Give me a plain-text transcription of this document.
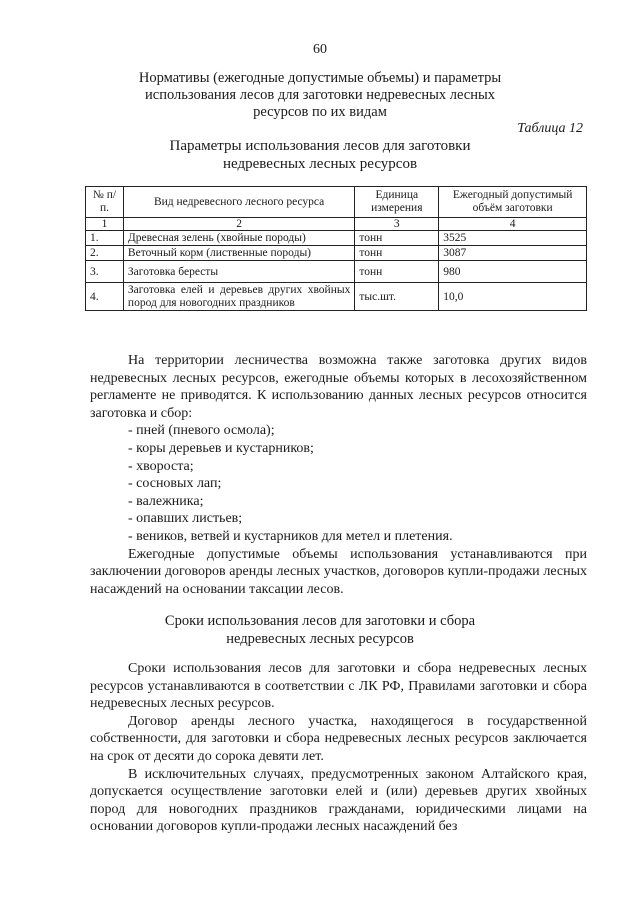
60
Нормативы (ежегодные допустимые объемы) и параметры использования лесов для заготовки недревесных лесных ресурсов по их видам
Таблица 12
Параметры использования лесов для заготовки недревесных лесных ресурсов
№ п/п.	Вид недревесного лесного ресурса	Единица измерения	Ежегодный допустимый объём заготовки
1	2	3	4
1.	Древесная зелень (хвойные породы)	тонн	3525
2.	Веточный корм (лиственные породы)	тонн	3087
3.	Заготовка бересты	тонн	980
4.	Заготовка елей и деревьев других хвойных пород для новогодних праздников	тыс.шт.	10,0

На территории лесничества возможна также заготовка других видов недревесных лесных ресурсов, ежегодные объемы которых в лесохозяйственном регламенте не приводятся. К использованию данных лесных ресурсов относится заготовка и сбор:

- пней (пневого осмола);

- коры деревьев и кустарников;

- хвороста;

- сосновых лап;

- валежника;

- опавших листьев;

- веников, ветвей и кустарников для метел и плетения.

Ежегодные допустимые объемы использования устанавливаются при заключении договоров аренды лесных участков, договоров купли-продажи лесных насаждений на основании таксации лесов.

Сроки использования лесов для заготовки и сбора недревесных лесных ресурсов

Сроки использования лесов для заготовки и сбора недревесных лесных ресурсов устанавливаются в соответствии с ЛК РФ, Правилами заготовки и сбора недревесных лесных ресурсов.

Договор аренды лесного участка, находящегося в государственной собственности, для заготовки и сбора недревесных лесных ресурсов заключается на срок от десяти до сорока девяти лет.

В исключительных случаях, предусмотренных законом Алтайского края, допускается осуществление заготовки елей и (или) деревьев других хвойных пород для новогодних праздников гражданами, юридическими лицами на основании договоров купли-продажи лесных насаждений без
